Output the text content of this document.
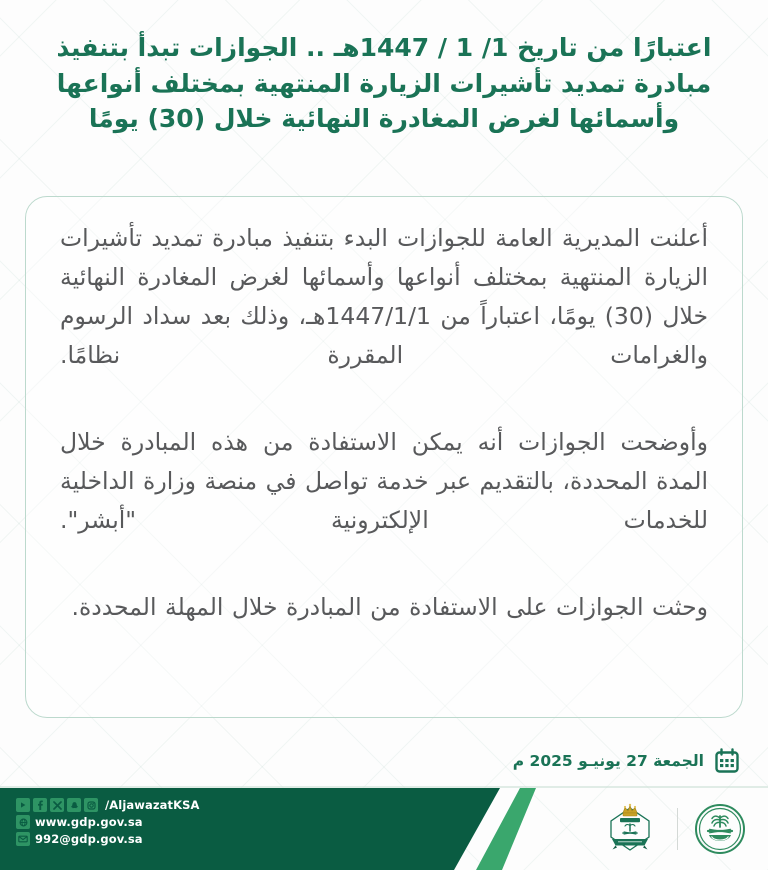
اعتبارًا من تاريخ 1/ 1 / 1447هـ .. الجوازات تبدأ بتنفيذ
مبادرة تمديد تأشيرات الزيارة المنتهية بمختلف أنواعها
وأسمائها لغرض المغادرة النهائية خلال (30) يومًا

أعلنت المديرية العامة للجوازات البدء بتنفيذ مبادرة تمديد تأشيرات الزيارة المنتهية بمختلف أنواعها وأسمائها لغرض المغادرة النهائية خلال (30) يومًا، اعتباراً من 1447/1/1هـ، وذلك بعد سداد الرسوم والغرامات المقررة نظامًا.

وأوضحت الجوازات أنه يمكن الاستفادة من هذه المبادرة خلال المدة المحددة، بالتقديم عبر خدمة تواصل في منصة وزارة الداخلية للخدمات الإلكترونية "أبشر".

وحثت الجوازات على الاستفادة من المبادرة خلال المهلة المحددة.

الجمعة 27 يونيـو 2025 م
/AljawazatKSA
www.gdp.gov.sa
992@gdp.gov.sa
